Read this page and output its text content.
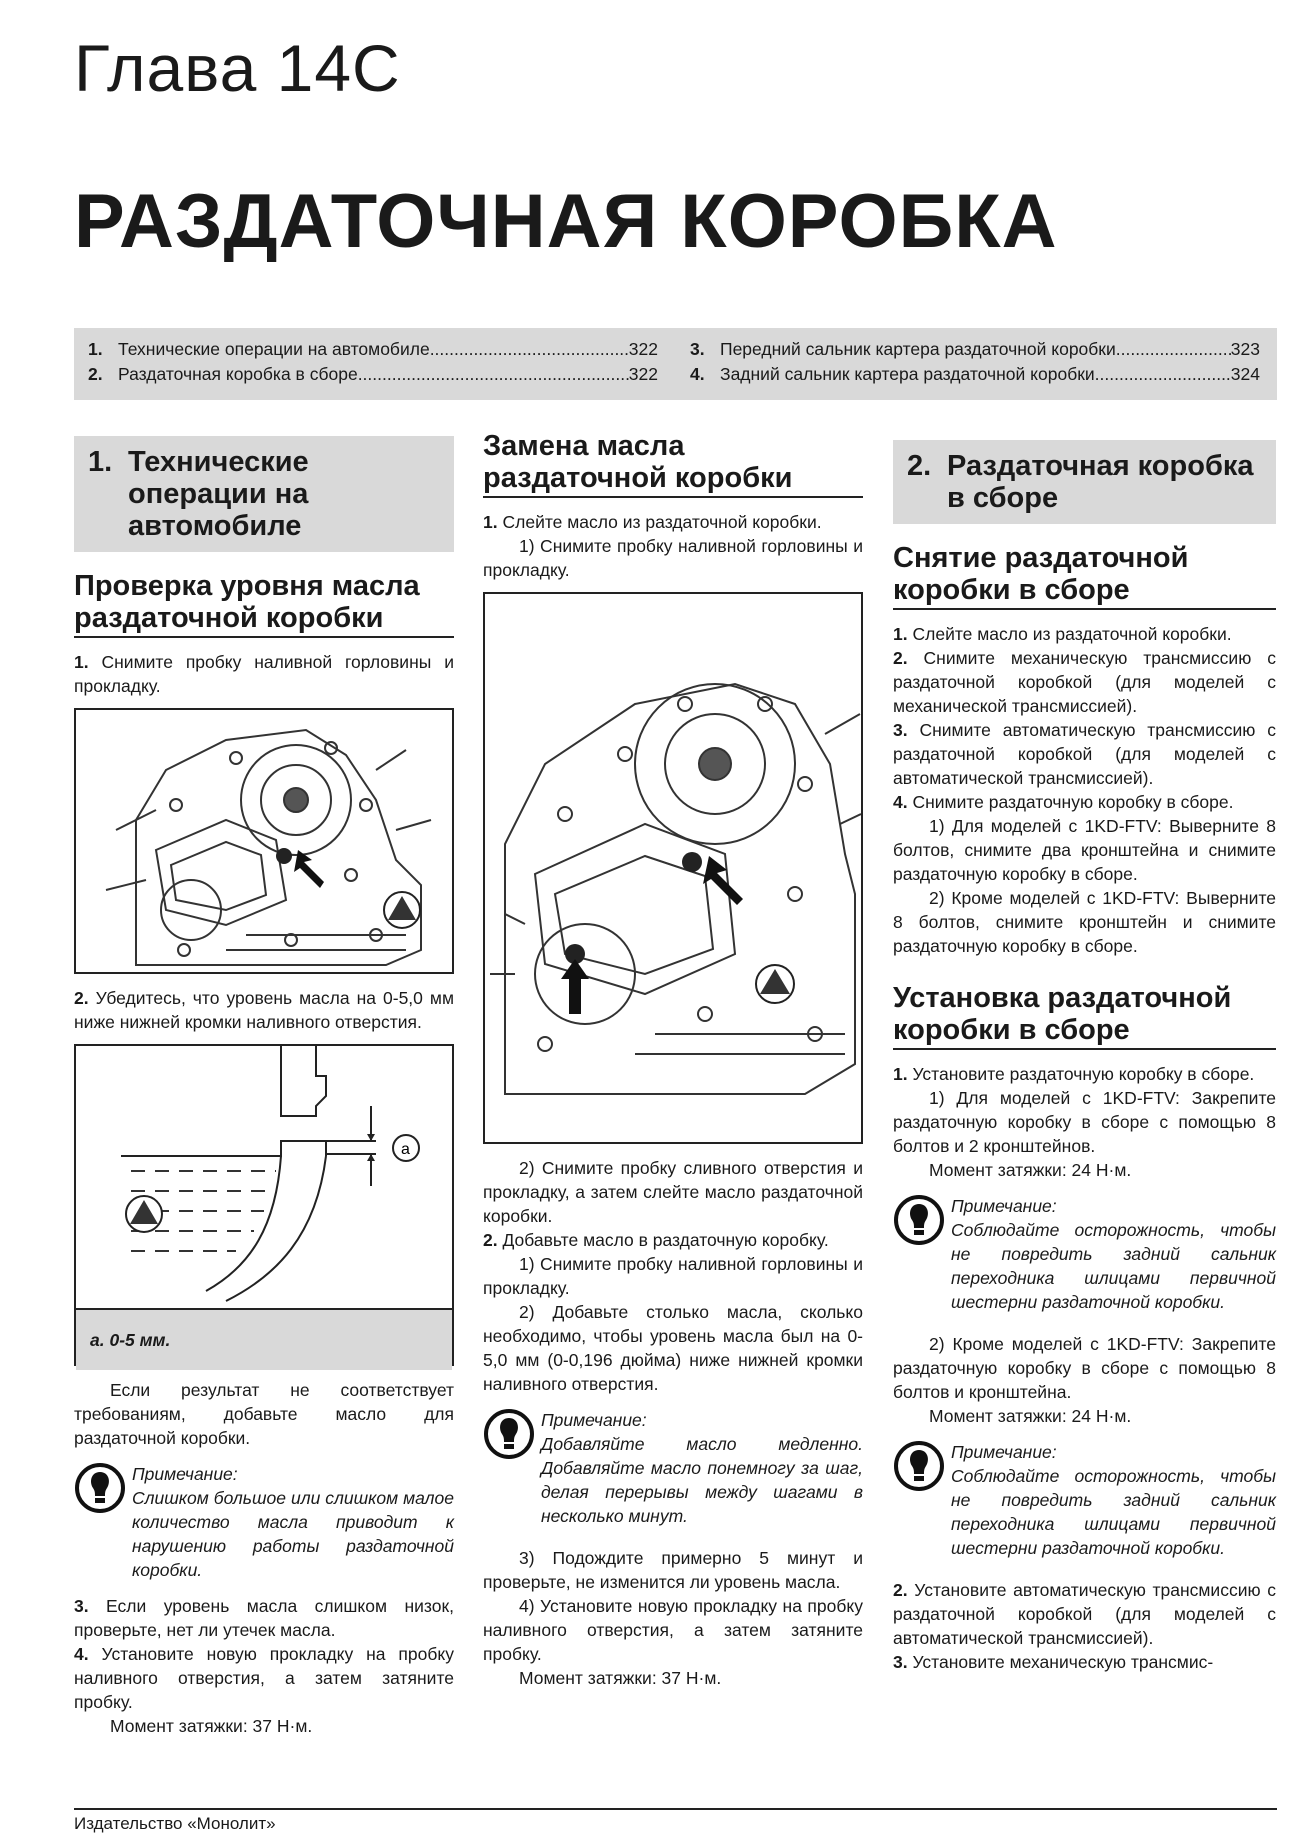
Глава 14С
РАЗДАТОЧНАЯ КОРОБКА
1. Технические операции на автомобиле .....	322
2. Раздаточная коробка в сборе .....	322
3. Передний сальник картера раздаточной коробки .....	323
4. Задний сальник картера раздаточной коробки .....	324
1. Технические операции на автомобиле
Проверка уровня масла раздаточной коробки

1. Снимите пробку наливной горловины и прокладку.

2. Убедитесь, что уровень масла на 0-5,0 мм ниже нижней кромки наливного отверстия.

a
а. 0-5 мм.

Если результат не соответствует требованиям, добавьте масло для раздаточной коробки.

Примечание:

Слишком большое или слишком малое количество масла приводит к нарушению работы раздаточной коробки.

3. Если уровень масла слишком низок, проверьте, нет ли утечек масла.

4. Установите новую прокладку на пробку наливного отверстия, а затем затяните пробку.

Момент затяжки: 37 Н·м.

Замена масла раздаточной коробки

1. Слейте масло из раздаточной коробки.

1) Снимите пробку наливной горловины и прокладку.

2) Снимите пробку сливного отверстия и прокладку, а затем слейте масло раздаточной коробки.

2. Добавьте масло в раздаточную коробку.

1) Снимите пробку наливной горловины и прокладку.

2) Добавьте столько масла, сколько необходимо, чтобы уровень масла был на 0-5,0 мм (0-0,196 дюйма) ниже нижней кромки наливного отверстия.

Примечание:

Добавляйте масло медленно. Добавляйте масло понемногу за шаг, делая перерывы между шагами в несколько минут.

3) Подождите примерно 5 минут и проверьте, не изменится ли уровень масла.

4) Установите новую прокладку на пробку наливного отверстия, а затем затяните пробку.

Момент затяжки: 37 Н·м.

2. Раздаточная коробка в сборе
Снятие раздаточной коробки в сборе

1. Слейте масло из раздаточной коробки.

2. Снимите механическую трансмиссию с раздаточной коробкой (для моделей с механической трансмиссией).

3. Снимите автоматическую трансмиссию с раздаточной коробкой (для моделей с автоматической трансмиссией).

4. Снимите раздаточную коробку в сборе.

1) Для моделей с 1KD-FTV: Выверните 8 болтов, снимите два кронштейна и снимите раздаточную коробку в сборе.

2) Кроме моделей с 1KD-FTV: Выверните 8 болтов, снимите кронштейн и снимите раздаточную коробку в сборе.

Установка раздаточной коробки в сборе

1. Установите раздаточную коробку в сборе.

1) Для моделей с 1KD-FTV: Закрепите раздаточную коробку в сборе с помощью 8 болтов и 2 кронштейнов.

Момент затяжки: 24 Н·м.

Примечание:

Соблюдайте осторожность, чтобы не повредить задний сальник переходника шлицами первичной шестерни раздаточной коробки.

2) Кроме моделей с 1KD-FTV: Закрепите раздаточную коробку в сборе с помощью 8 болтов и кронштейна.

Момент затяжки: 24 Н·м.

Примечание:

Соблюдайте осторожность, чтобы не повредить задний сальник переходника шлицами первичной шестерни раздаточной коробки.

2. Установите автоматическую трансмиссию с раздаточной коробкой (для моделей с автоматической трансмиссией).

3. Установите механическую трансмис-

Издательство «Монолит»
